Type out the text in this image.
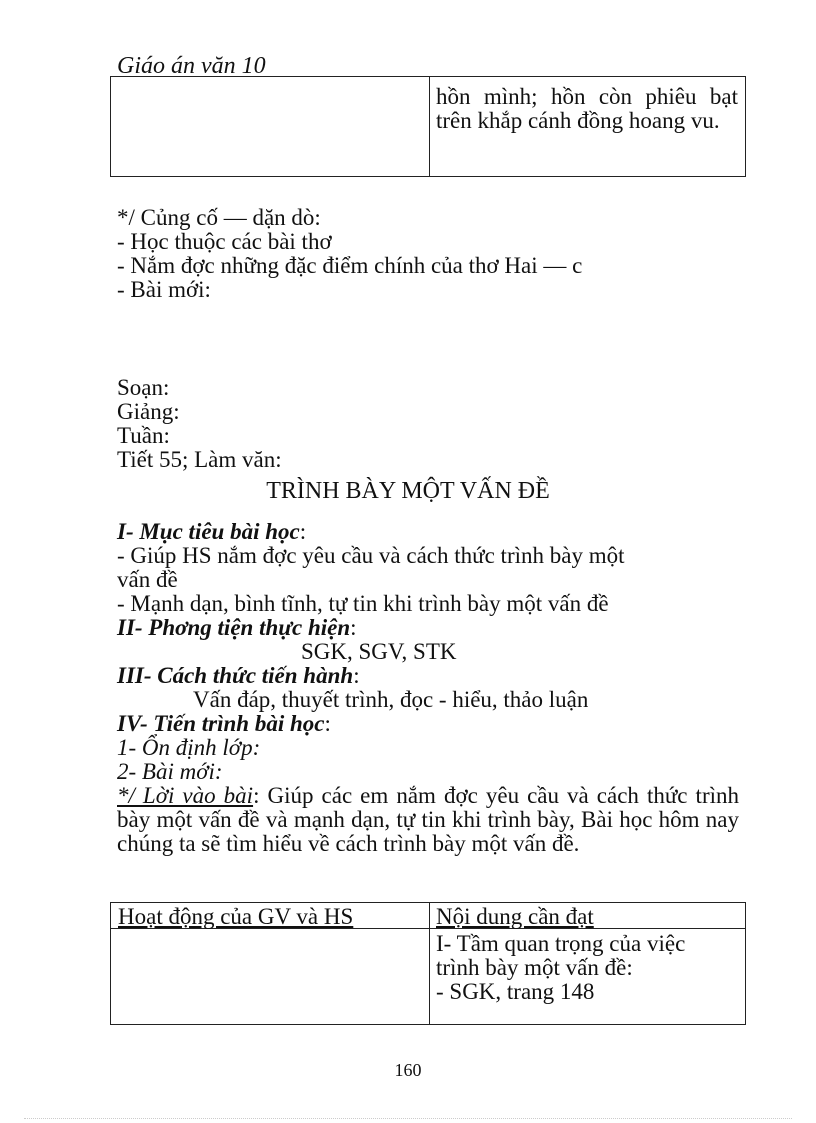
Giáo án văn 10
hồn mình; hồn còn phiêu bạt trên khắp cánh đồng hoang vu.
*/ Củng cố — dặn dò:
- Học thuộc các bài thơ
- Nắm đợc những đặc điểm chính của thơ Hai — c
- Bài mới:
Soạn:
Giảng:
Tuần:
Tiết 55; Làm văn:
TRÌNH BÀY MỘT VẤN ĐỀ
I- Mục tiêu bài học:
- Giúp HS nắm đợc yêu cầu và cách thức trình bày một
vấn đề
- Mạnh dạn, bình tĩnh, tự tin khi trình bày một vấn đề
II- Phơng tiện thực hiện:
SGK, SGV, STK
III- Cách thức tiến hành:
Vấn đáp, thuyết trình, đọc - hiểu, thảo luận
IV- Tiến trình bài học:
1- Ổn định lớp:
2- Bài mới:
*/ Lời vào bài: Giúp các em nắm đợc yêu cầu và cách thức trình bày một vấn đề và mạnh dạn, tự tin khi trình bày, Bài học hôm nay chúng ta sẽ tìm hiểu về cách trình bày một vấn đề.
Hoạt động của GV và HS	Nội dung cần đạt
I- Tầm quan trọng của việc
trình bày một vấn đề:
- SGK, trang 148
160
